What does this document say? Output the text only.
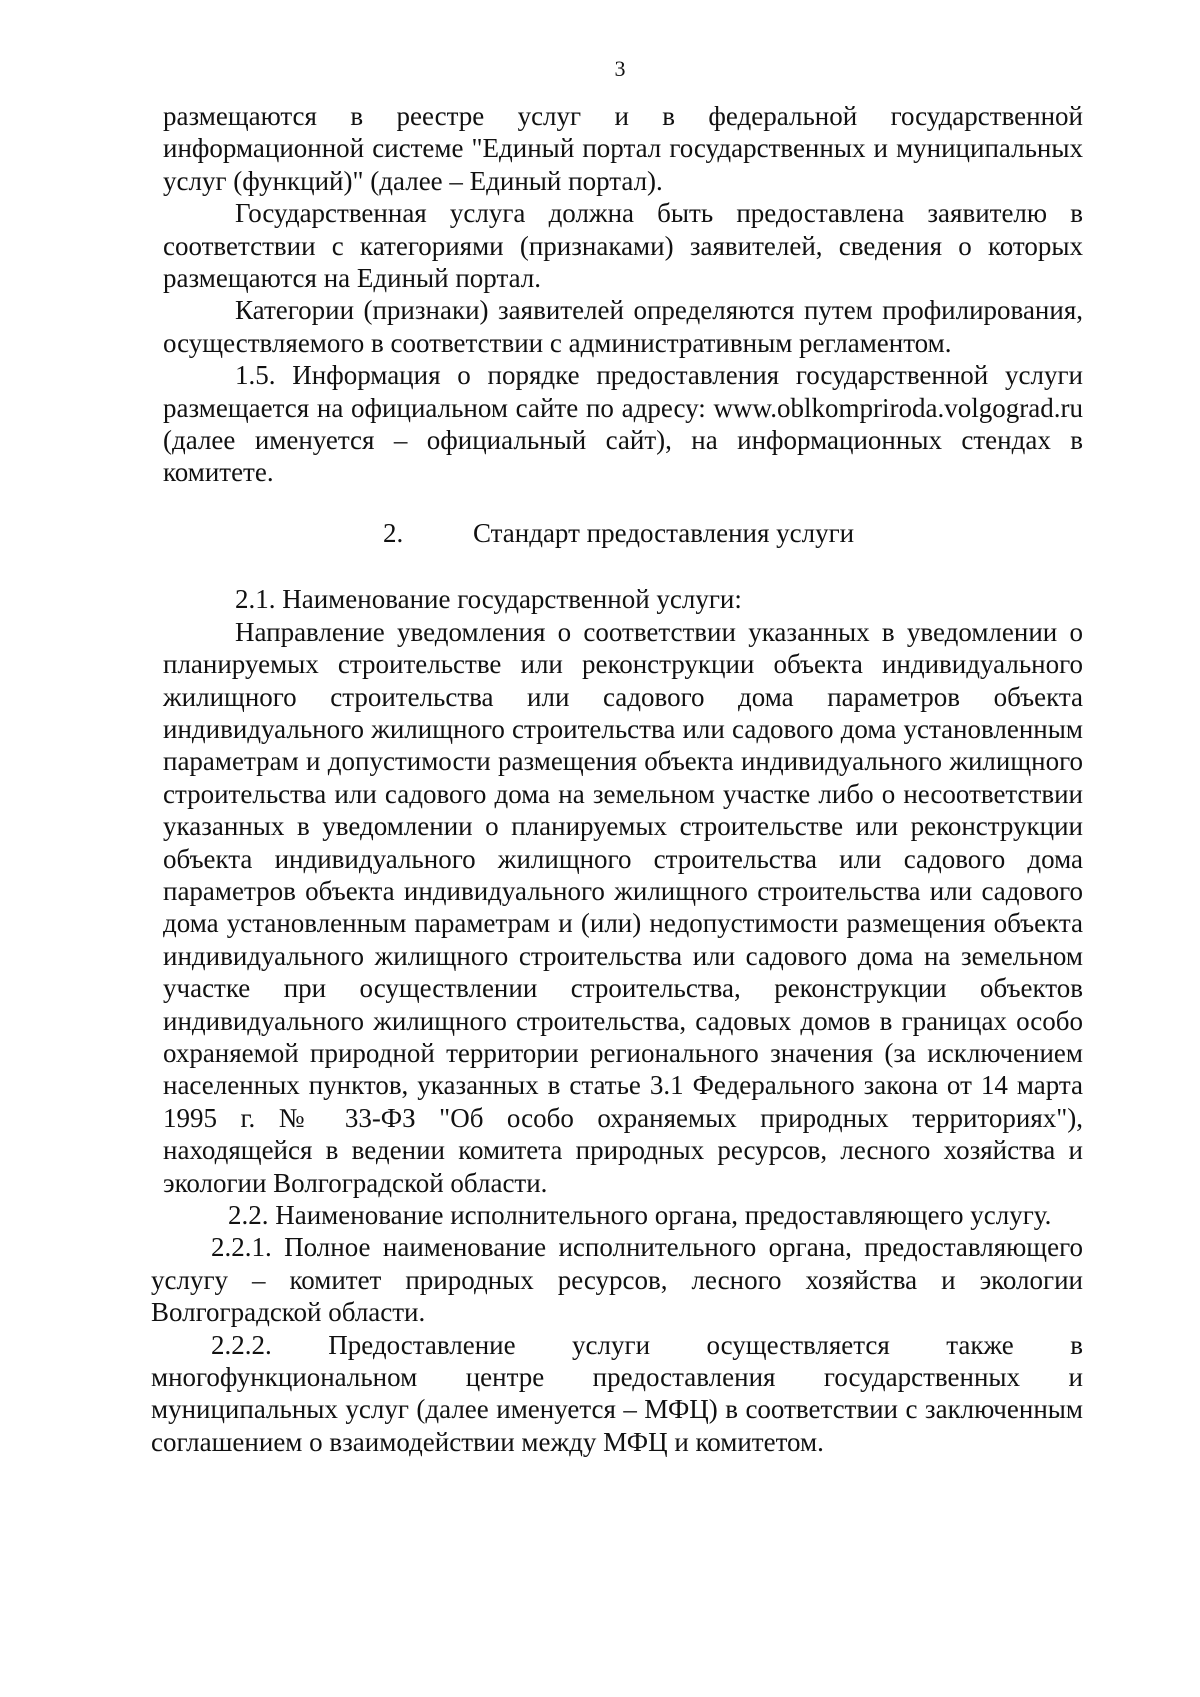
3

размещаются в реестре услуг и в федеральной государственной информационной системе "Единый портал государственных и муниципальных услуг (функций)" (далее – Единый портал).

Государственная услуга должна быть предоставлена заявителю в соответствии с категориями (признаками) заявителей, сведения о которых размещаются на Единый портал.

Категории (признаки) заявителей определяются путем профилирования, осуществляемого в соответствии с административным регламентом.

1.5. Информация о порядке предоставления государственной услуги размещается на официальном сайте по адресу: www.oblkompriroda.volgograd.ru (далее именуется – официальный сайт), на информационных стендах в комитете.

2.	Стандарт предоставления услуги

2.1. Наименование государственной услуги:

Направление уведомления о соответствии указанных в уведомлении о планируемых строительстве или реконструкции объекта индивидуального жилищного строительства или садового дома параметров объекта индивидуального жилищного строительства или садового дома установленным параметрам и допустимости размещения объекта индивидуального жилищного строительства или садового дома на земельном участке либо о несоответствии указанных в уведомлении о планируемых строительстве или реконструкции объекта индивидуального жилищного строительства или садового дома параметров объекта индивидуального жилищного строительства или садового дома установленным параметрам и (или) недопустимости размещения объекта индивидуального жилищного строительства или садового дома на земельном участке при осуществлении строительства, реконструкции объектов индивидуального жилищного строительства, садовых домов в границах особо охраняемой природной территории регионального значения (за исключением населенных пунктов, указанных в статье 3.1 Федерального закона от 14 марта 1995 г. № 33-ФЗ "Об особо охраняемых природных территориях"), находящейся в ведении комитета природных ресурсов, лесного хозяйства и экологии Волгоградской области.

2.2. Наименование исполнительного органа, предоставляющего услугу.

2.2.1. Полное наименование исполнительного органа, предоставляющего услугу – комитет природных ресурсов, лесного хозяйства и экологии Волгоградской области.

2.2.2. Предоставление услуги осуществляется также в многофункциональном центре предоставления государственных и муниципальных услуг (далее именуется – МФЦ) в соответствии с заключенным соглашением о взаимодействии между МФЦ и комитетом.
